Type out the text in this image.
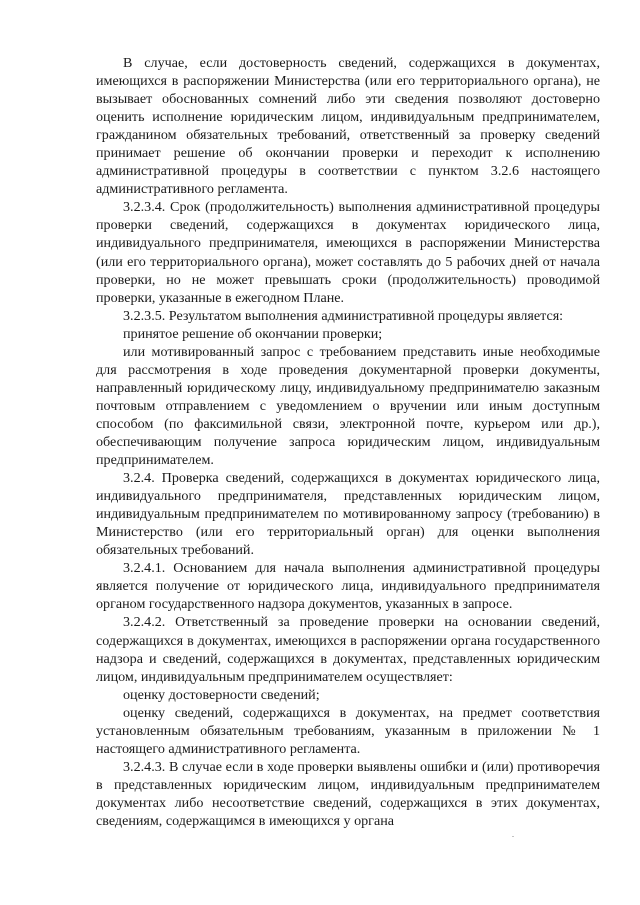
В случае, если достоверность сведений, содержащихся в документах, имеющихся в распоряжении Министерства (или его территориального органа), не вызывает обоснованных сомнений либо эти сведения позволяют достоверно оценить исполнение юридическим лицом, индивидуальным предпринимателем, гражданином обязательных требований, ответственный за проверку сведений принимает решение об окончании проверки и переходит к исполнению административной процедуры в соответствии с пунктом 3.2.6 настоящего административного регламента.

3.2.3.4. Срок (продолжительность) выполнения административной процедуры проверки сведений, содержащихся в документах юридического лица, индивидуального предпринимателя, имеющихся в распоряжении Министерства (или его территориального органа), может составлять до 5 рабочих дней от начала проверки, но не может превышать сроки (продолжительность) проводимой проверки, указанные в ежегодном Плане.

3.2.3.5. Результатом выполнения административной процедуры является:

принятое решение об окончании проверки;

или мотивированный запрос с требованием представить иные необходимые для рассмотрения в ходе проведения документарной проверки документы, направленный юридическому лицу, индивидуальному предпринимателю заказным почтовым отправлением с уведомлением о вручении или иным доступным способом (по факсимильной связи, электронной почте, курьером или др.), обеспечивающим получение запроса юридическим лицом, индивидуальным предпринимателем.

3.2.4. Проверка сведений, содержащихся в документах юридического лица, индивидуального предпринимателя, представленных юридическим лицом, индивидуальным предпринимателем по мотивированному запросу (требованию) в Министерство (или его территориальный орган) для оценки выполнения обязательных требований.

3.2.4.1. Основанием для начала выполнения административной процедуры является получение от юридического лица, индивидуального предпринимателя органом государственного надзора документов, указанных в запросе.

3.2.4.2. Ответственный за проведение проверки на основании сведений, содержащихся в документах, имеющихся в распоряжении органа государственного надзора и сведений, содержащихся в документах, представленных юридическим лицом, индивидуальным предпринимателем осуществляет:

оценку достоверности сведений;

оценку сведений, содержащихся в документах, на предмет соответствия установленным обязательным требованиям, указанным в приложении № 1 настоящего административного регламента.

3.2.4.3. В случае если в ходе проверки выявлены ошибки и (или) противоречия в представленных юридическим лицом, индивидуальным предпринимателем документах либо несоответствие сведений, содержащихся в этих документах, сведениям, содержащимся в имеющихся у органа
